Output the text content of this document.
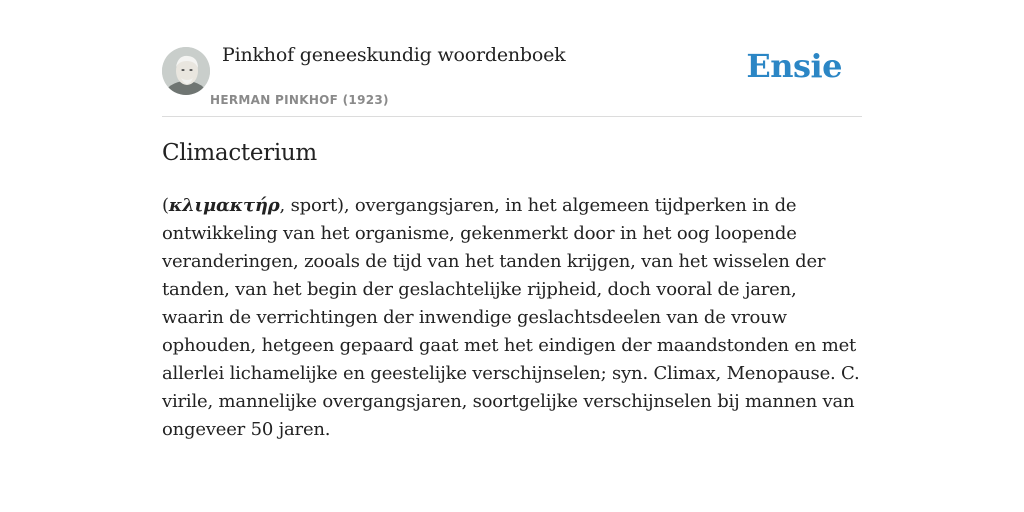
Pinkhof geneeskundig woordenboek
HERMAN PINKHOF (1923)
Ensie
Climacterium
(κλιμακτήρ, sport), overgangsjaren, in het algemeen tijdperken in de ontwikkeling van het organisme, gekenmerkt door in het oog loopende veranderingen, zooals de tijd van het tanden krijgen, van het wisselen der tanden, van het begin der geslachtelijke rijpheid, doch vooral de jaren, waarin de verrichtingen der inwendige geslachtsdeelen van de vrouw ophouden, hetgeen gepaard gaat met het eindigen der maandstonden en met allerlei lichamelijke en geestelijke verschijnselen; syn. Climax, Menopause. C. virile, mannelijke overgangsjaren, soortgelijke verschijnselen bij mannen van ongeveer 50 jaren.
